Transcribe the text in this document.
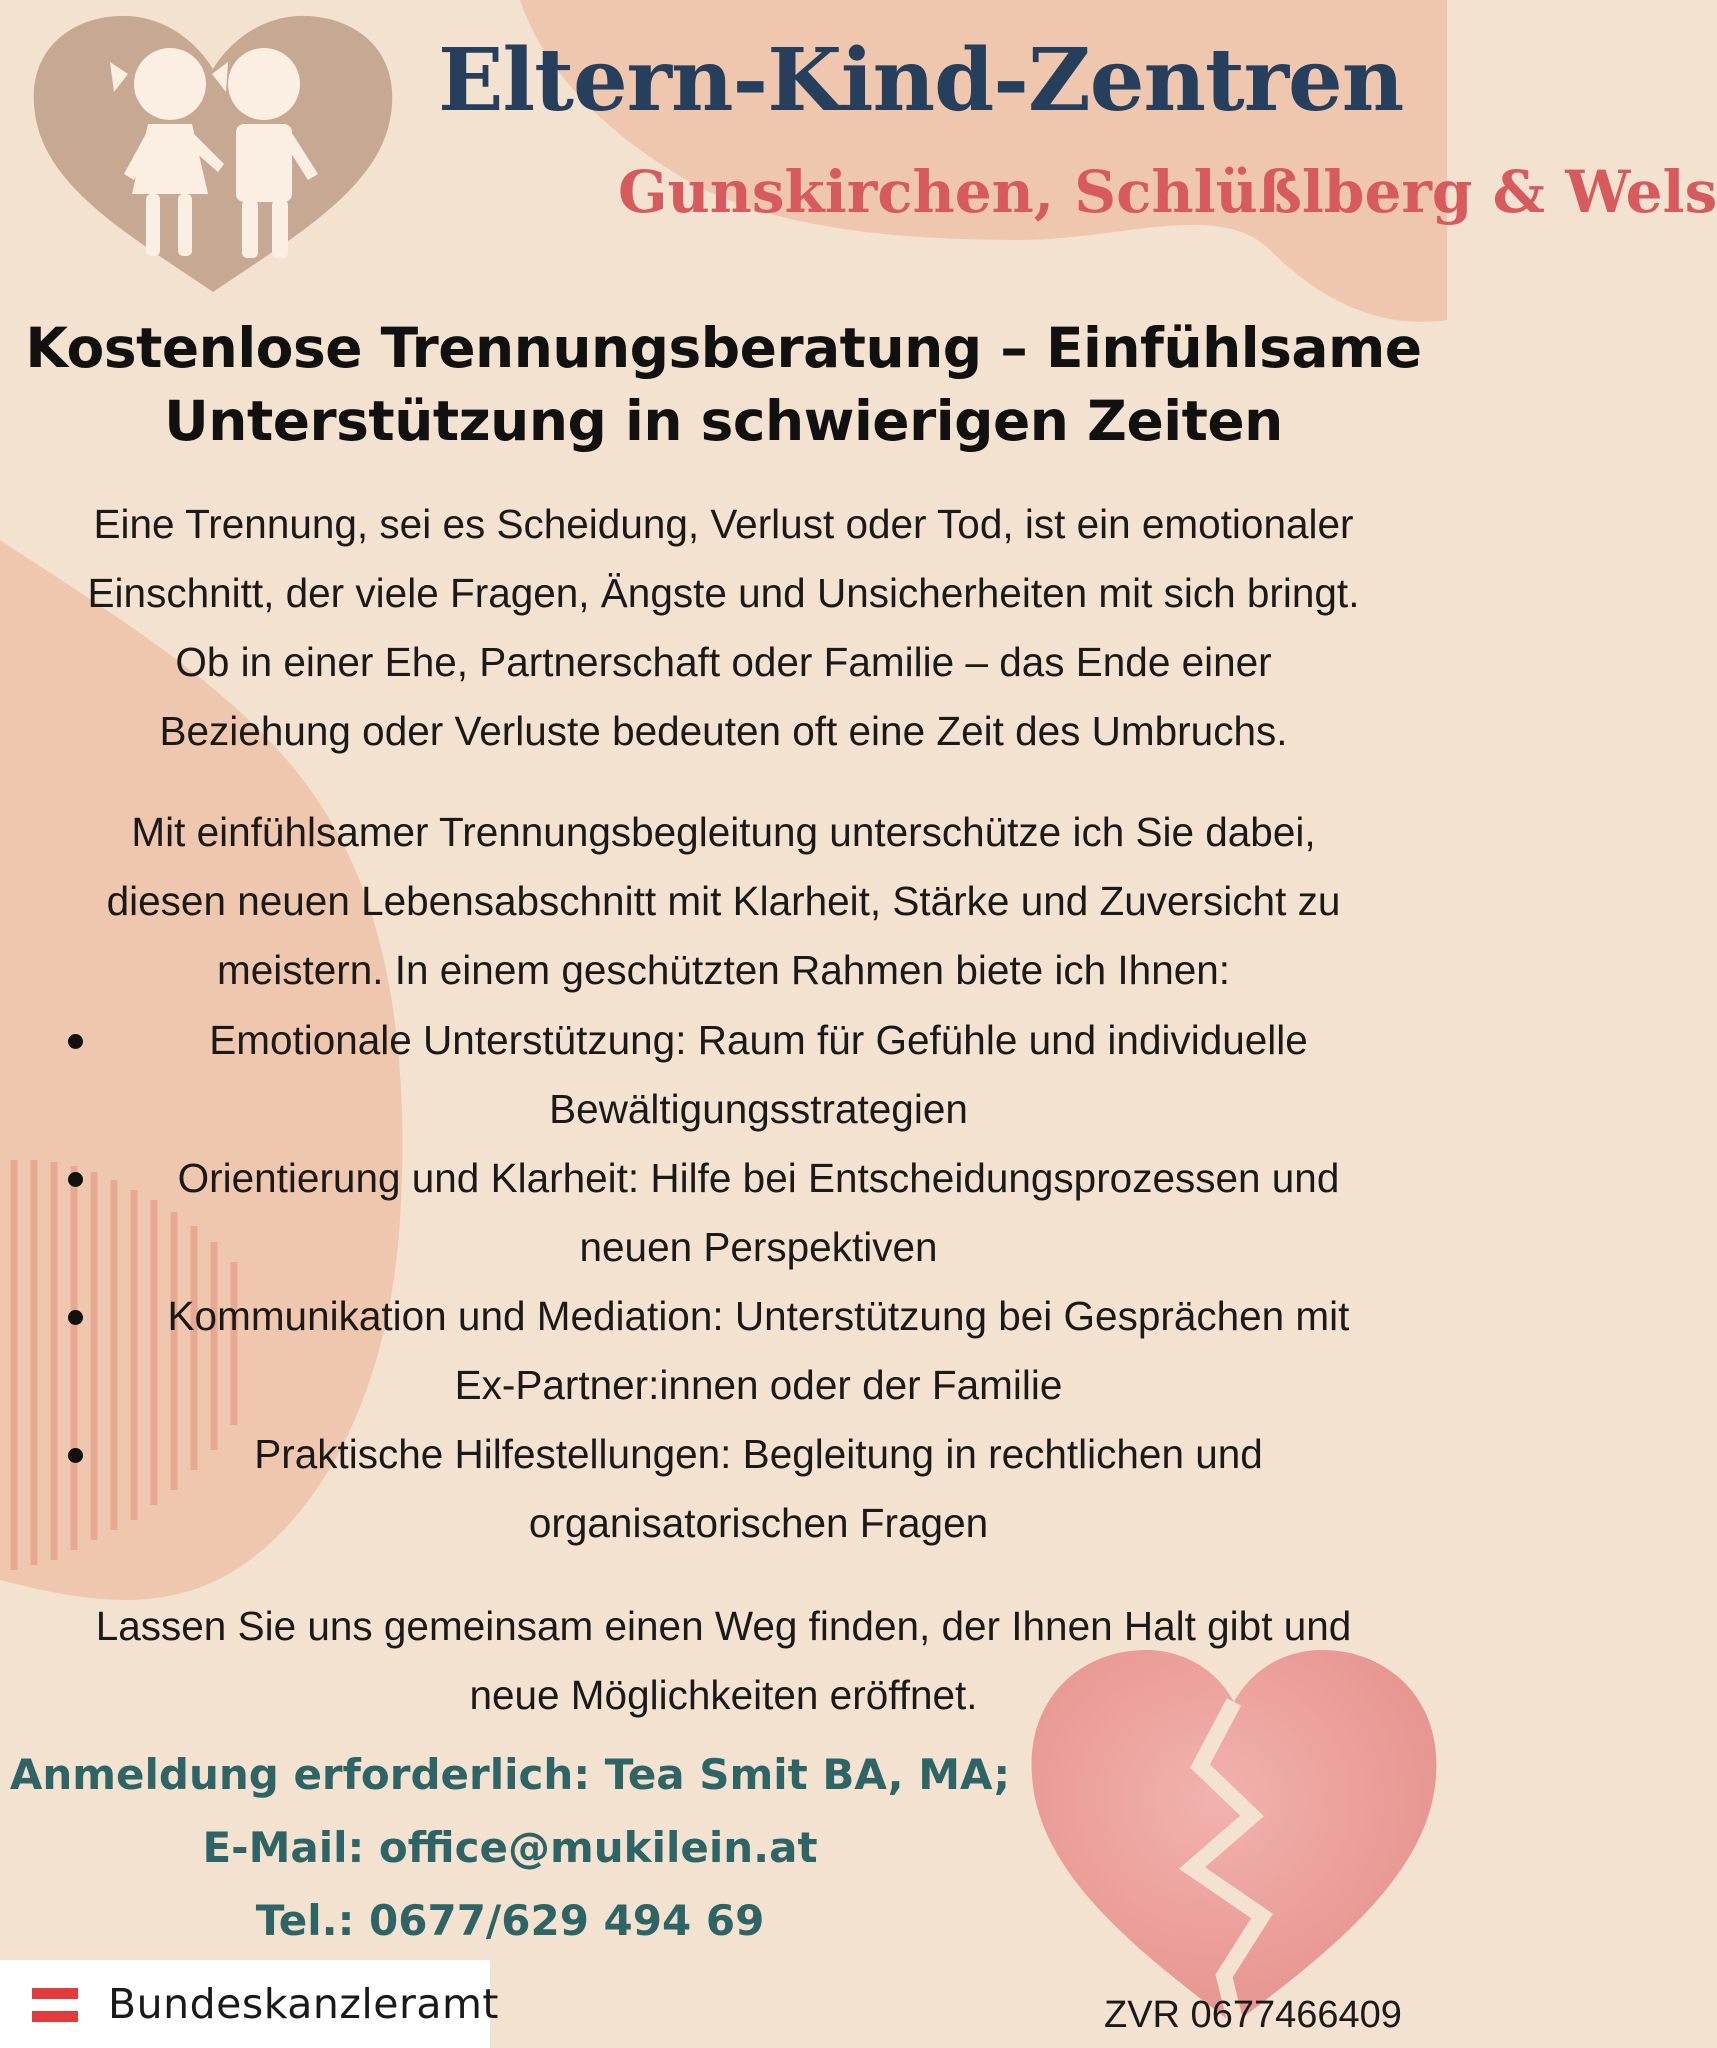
Eltern-Kind-Zentren
Gunskirchen, Schlüßlberg & Wels
Kostenlose Trennungsberatung – Einfühlsame
Unterstützung in schwierigen Zeiten

Eine Trennung, sei es Scheidung, Verlust oder Tod, ist ein emotionaler
Einschnitt, der viele Fragen, Ängste und Unsicherheiten mit sich bringt.
Ob in einer Ehe, Partnerschaft oder Familie – das Ende einer
Beziehung oder Verluste bedeuten oft eine Zeit des Umbruchs.

Mit einfühlsamer Trennungsbegleitung unterschütze ich Sie dabei,
diesen neuen Lebensabschnitt mit Klarheit, Stärke und Zuversicht zu
meistern. In einem geschützten Rahmen biete ich Ihnen:

Emotionale Unterstützung: Raum für Gefühle und individuelle
Bewältigungsstrategien
Orientierung und Klarheit: Hilfe bei Entscheidungsprozessen und
neuen Perspektiven
Kommunikation und Mediation: Unterstützung bei Gesprächen mit
Ex-Partner:innen oder der Familie
Praktische Hilfestellungen: Begleitung in rechtlichen und
organisatorischen Fragen

Lassen Sie uns gemeinsam einen Weg finden, der Ihnen Halt gibt und
neue Möglichkeiten eröffnet.

Anmeldung erforderlich: Tea Smit BA, MA;
E-Mail: office@mukilein.at
Tel.: 0677/629 494 69
Bundeskanzleramt	ZVR 0677466409
